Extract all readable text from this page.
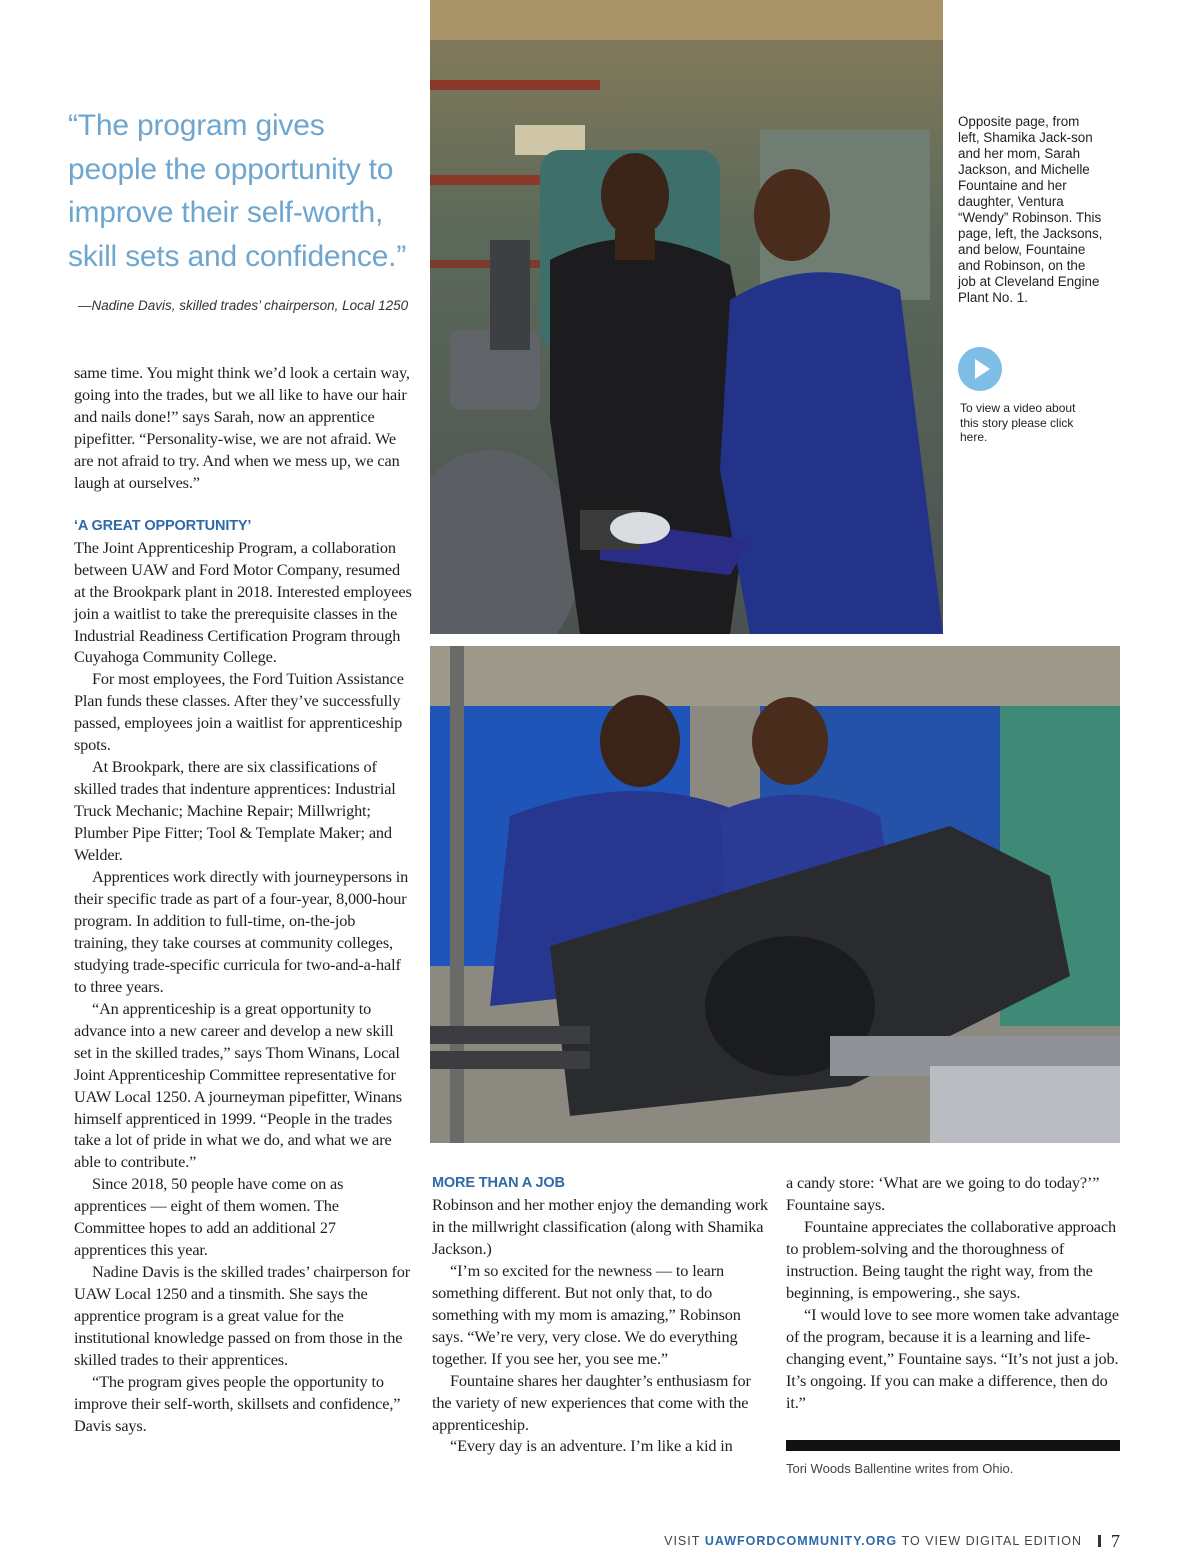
“The program gives people the opportunity to improve their self-worth, skill sets and confidence.”
—Nadine Davis, skilled trades’ chairperson, Local 1250

same time. You might think we’d look a certain way, going into the trades, but we all like to have our hair and nails done!” says Sarah, now an apprentice pipefitter. “Personality-wise, we are not afraid. We are not afraid to try. And when we mess up, we can laugh at ourselves.”

‘A GREAT OPPORTUNITY’

The Joint Apprenticeship Program, a collaboration between UAW and Ford Motor Company, resumed at the Brookpark plant in 2018. Interested employees join a waitlist to take the prerequisite classes in the Industrial Readiness Certification Program through Cuyahoga Community College.

For most employees, the Ford Tuition Assistance Plan funds these classes. After they’ve successfully passed, employees join a waitlist for apprenticeship spots.

At Brookpark, there are six classifications of skilled trades that indenture apprentices: Industrial Truck Mechanic; Machine Repair; Millwright; Plumber Pipe Fitter; Tool & Template Maker; and Welder.

Apprentices work directly with journeypersons in their specific trade as part of a four-year, 8,000-hour program. In addition to full-time, on-the-job training, they take courses at community colleges, studying trade-specific curricula for two-and-a-half to three years.

“An apprenticeship is a great opportunity to advance into a new career and develop a new skill set in the skilled trades,” says Thom Winans, Local Joint Apprenticeship Committee representative for UAW Local 1250. A journeyman pipefitter, Winans himself apprenticed in 1999. “People in the trades take a lot of pride in what we do, and what we are able to contribute.”

Since 2018, 50 people have come on as apprentices — eight of them women. The Committee hopes to add an additional 27 apprentices this year.

Nadine Davis is the skilled trades’ chairperson for UAW Local 1250 and a tinsmith. She says the apprentice program is a great value for the institutional knowledge passed on from those in the skilled trades to their apprentices.

“The program gives people the opportunity to improve their self-worth, skillsets and confidence,” Davis says.

Opposite page, from left, Shamika Jack-son and her mom, Sarah Jackson, and Michelle Fountaine and her daughter, Ventura “Wendy” Robinson. This page, left, the Jacksons, and below, Fountaine and Robinson, on the job at Cleveland Engine Plant No. 1.
To view a video about this story please click here.
MORE THAN A JOB

Robinson and her mother enjoy the demanding work in the millwright classification (along with Shamika Jackson.)

“I’m so excited for the newness — to learn something different. But not only that, to do something with my mom is amazing,” Robinson says. “We’re very, very close. We do everything together. If you see her, you see me.”

Fountaine shares her daughter’s enthusiasm for the variety of new experiences that come with the apprenticeship.

“Every day is an adventure. I’m like a kid in

a candy store: ‘What are we going to do today?’” Fountaine says.

Fountaine appreciates the collaborative approach to problem-solving and the thoroughness of instruction. Being taught the right way, from the beginning, is empowering., she says.

“I would love to see more women take advantage of the program, because it is a learning and life-changing event,” Fountaine says. “It’s not just a job. It’s ongoing. If you can make a difference, then do it.”

Tori Woods Ballentine writes from Ohio.
VISIT
UAWFORDCOMMUNITY.ORG
TO VIEW DIGITAL EDITION 7
